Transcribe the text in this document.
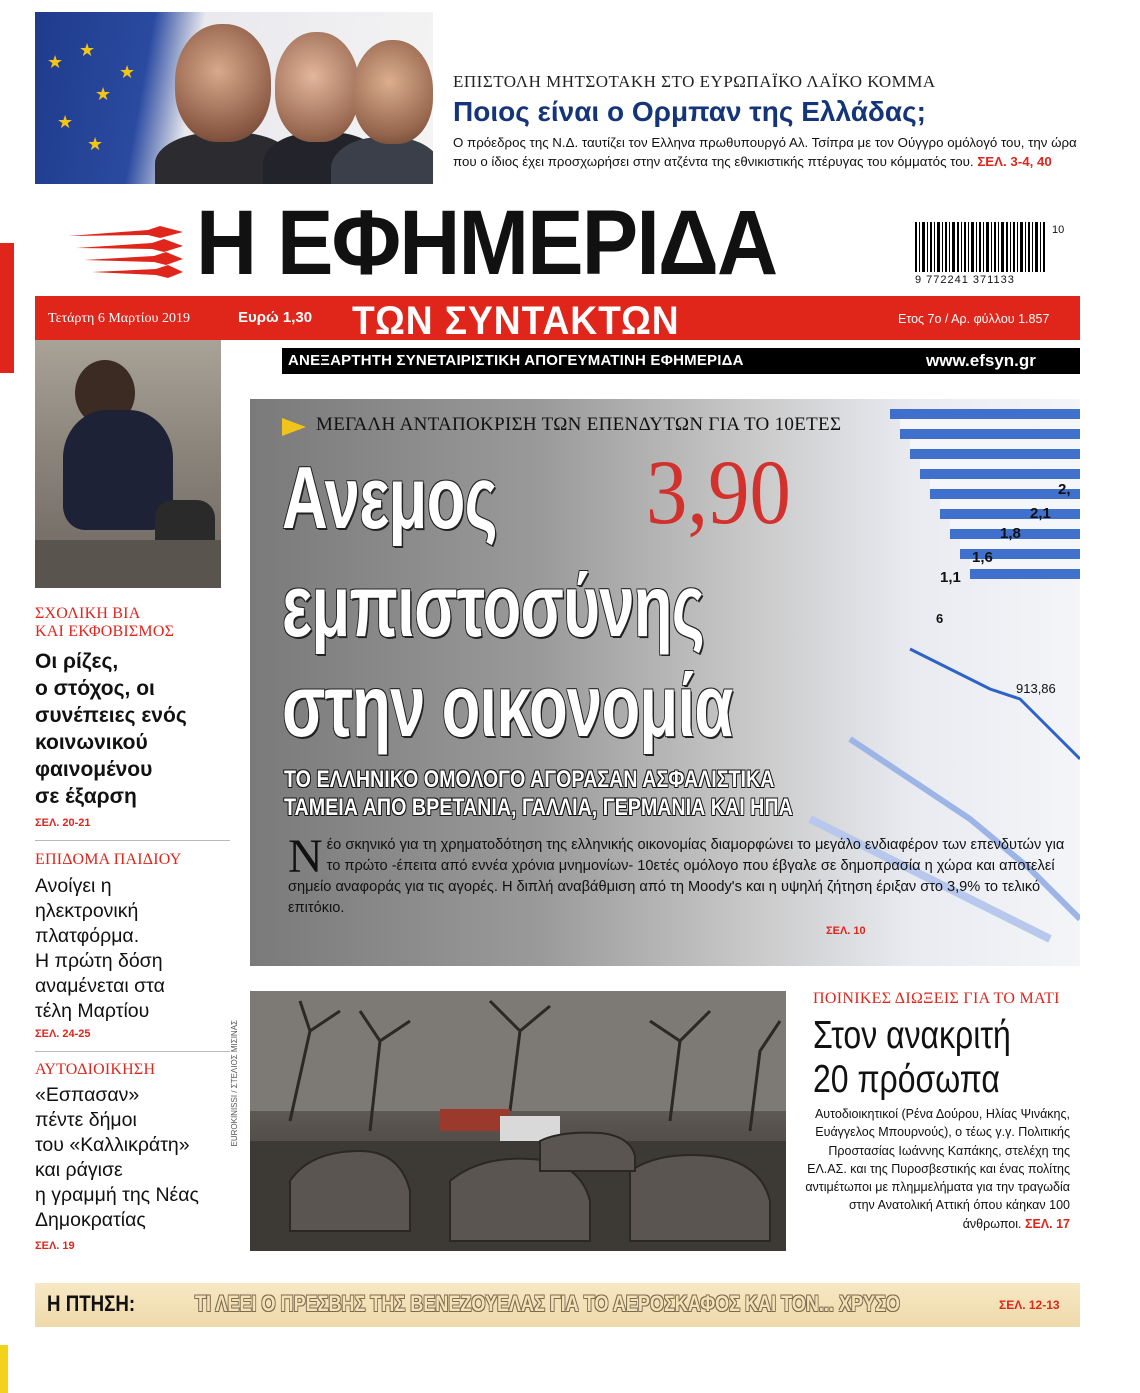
★
★
★
★
★
★	ΕΠΙΣΤΟΛΗ ΜΗΤΣΟΤΑΚΗ ΣΤΟ ΕΥΡΩΠΑΪΚΟ ΛΑΪΚΟ ΚΟΜΜΑ
Ποιος είναι ο Ορμπαν της Ελλάδας;
Ο πρόεδρος της Ν.Δ. ταυτίζει τον Ελληνα πρωθυπουργό Αλ. Τσίπρα με τον Ούγγρο ομόλογό του, την ώρα που ο ίδιος έχει προσχωρήσει στην ατζέντα της εθνικιστικής πτέρυγας του κόμματός του. ΣΕΛ. 3-4, 40
Η ΕΦΗΜΕΡΙΔΑ	9 772241 371133
10
Τετάρτη 6 Μαρτίου 2019	Ευρώ 1,30 ΤΩΝ ΣΥΝΤΑΚΤΩΝ	Ετος 7ο / Αρ. φύλλου 1.857
ΑΝΕΞΑΡΤΗΤΗ ΣΥΝΕΤΑΙΡΙΣΤΙΚΗ ΑΠΟΓΕΥΜΑΤΙΝΗ ΕΦΗΜΕΡΙΔΑ	www.efsyn.gr
ΣΧΟΛΙΚΗ ΒΙΑ
ΚΑΙ ΕΚΦΟΒΙΣΜΟΣ
Οι ρίζες,
ο στόχος, οι
συνέπειες ενός
κοινωνικού
φαινομένου
σε έξαρση
ΣΕΛ. 20-21
ΕΠΙΔΟΜΑ ΠΑΙΔΙΟΥ
Ανοίγει η
ηλεκτρονική
πλατφόρμα.
Η πρώτη δόση
αναμένεται στα
τέλη Μαρτίου
ΣΕΛ. 24-25
ΑΥΤΟΔΙΟΙΚΗΣΗ
«Εσπασαν»
πέντε δήμοι
του «Καλλικράτη»
και ράγισε
η γραμμή της Νέας
Δημοκρατίας
ΣΕΛ. 19
3,90	2,
2,1
1,8
1,6
1,1
6
913,86
ΜΕΓΑΛΗ ΑΝΤΑΠΟΚΡΙΣΗ ΤΩΝ ΕΠΕΝΔΥΤΩΝ ΓΙΑ ΤΟ 10ΕΤΕΣ
Ανεμος
εμπιστοσύνης
στην οικονομία
ΤΟ ΕΛΛΗΝΙΚΟ ΟΜΟΛΟΓΟ ΑΓΟΡΑΣΑΝ ΑΣΦΑΛΙΣΤΙΚΑ
ΤΑΜΕΙΑ ΑΠΟ ΒΡΕΤΑΝΙΑ, ΓΑΛΛΙΑ, ΓΕΡΜΑΝΙΑ ΚΑΙ ΗΠΑ
Νέο σκηνικό για τη χρηματοδότηση της ελληνικής οικονομίας διαμορφώνει το μεγάλο ενδιαφέρον των επενδυτών για το πρώτο -έπειτα από εννέα χρόνια μνημονίων- 10ετές ομόλογο που έβγαλε σε δημοπρασία η χώρα και αποτελεί σημείο αναφοράς για τις αγορές. Η διπλή αναβάθμιση από τη Moody's και η υψηλή ζήτηση έριξαν στο 3,9% το τελικό επιτόκιο.
ΣΕΛ. 10
EUROKINISSI / ΣΤΕΛΙΟΣ ΜΙΣΙΝΑΣ
ΠΟΙΝΙΚΕΣ ΔΙΩΞΕΙΣ ΓΙΑ ΤΟ ΜΑΤΙ
Στον ανακριτή
20 πρόσωπα
Αυτοδιοικητικοί (Ρένα Δούρου, Ηλίας Ψινάκης, Ευάγγελος Μπουρνούς), ο τέως γ.γ. Πολιτικής Προστασίας Ιωάννης Καπάκης, στελέχη της ΕΛ.ΑΣ. και της Πυροσβεστικής και ένας πολίτης αντιμέτωποι με πλημμελήματα για την τραγωδία στην Ανατολική Αττική όπου κάηκαν 100 άνθρωποι. ΣΕΛ. 17
Η ΠΤΗΣΗ:	ΤΙ ΛΕΕΙ Ο ΠΡΕΣΒΗΣ ΤΗΣ ΒΕΝΕΖΟΥΕΛΑΣ ΓΙΑ ΤΟ ΑΕΡΟΣΚΑΦΟΣ ΚΑΙ ΤΟΝ... ΧΡΥΣΟ	ΣΕΛ. 12-13
